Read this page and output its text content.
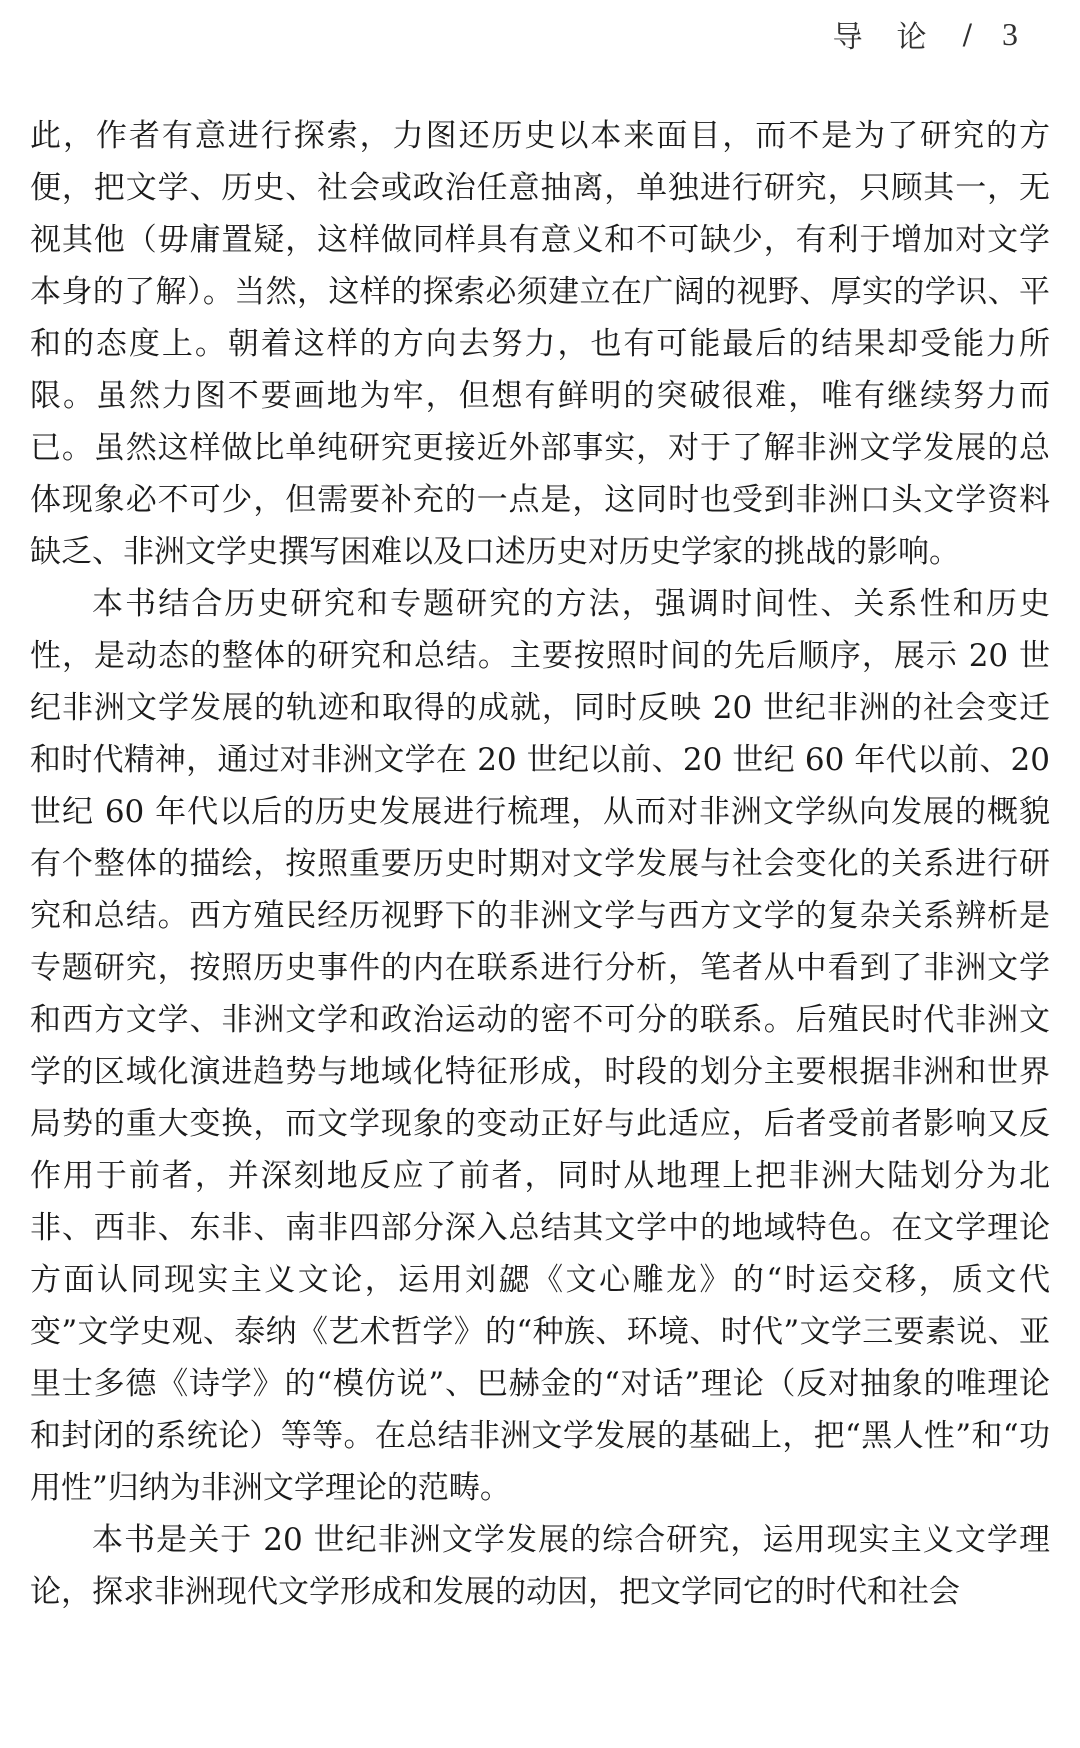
导论 / 3

此，作者有意进行探索，力图还历史以本来面目，而不是为了研究的方便，把文学、历史、社会或政治任意抽离，单独进行研究，只顾其一，无视其他（毋庸置疑，这样做同样具有意义和不可缺少，有利于增加对文学本身的了解）。当然，这样的探索必须建立在广阔的视野、厚实的学识、平和的态度上。朝着这样的方向去努力，也有可能最后的结果却受能力所限。虽然力图不要画地为牢，但想有鲜明的突破很难，唯有继续努力而已。虽然这样做比单纯研究更接近外部事实，对于了解非洲文学发展的总体现象必不可少，但需要补充的一点是，这同时也受到非洲口头文学资料缺乏、非洲文学史撰写困难以及口述历史对历史学家的挑战的影响。

本书结合历史研究和专题研究的方法，强调时间性、关系性和历史性，是动态的整体的研究和总结。主要按照时间的先后顺序，展示 20 世纪非洲文学发展的轨迹和取得的成就，同时反映 20 世纪非洲的社会变迁和时代精神，通过对非洲文学在 20 世纪以前、20 世纪 60 年代以前、20 世纪 60 年代以后的历史发展进行梳理，从而对非洲文学纵向发展的概貌有个整体的描绘，按照重要历史时期对文学发展与社会变化的关系进行研究和总结。西方殖民经历视野下的非洲文学与西方文学的复杂关系辨析是专题研究，按照历史事件的内在联系进行分析，笔者从中看到了非洲文学和西方文学、非洲文学和政治运动的密不可分的联系。后殖民时代非洲文学的区域化演进趋势与地域化特征形成，时段的划分主要根据非洲和世界局势的重大变换，而文学现象的变动正好与此适应，后者受前者影响又反作用于前者，并深刻地反应了前者，同时从地理上把非洲大陆划分为北非、西非、东非、南非四部分深入总结其文学中的地域特色。在文学理论方面认同现实主义文论，运用刘勰《文心雕龙》的“时运交移，质文代变”文学史观、泰纳《艺术哲学》的“种族、环境、时代”文学三要素说、亚里士多德《诗学》的“模仿说”、巴赫金的“对话”理论（反对抽象的唯理论和封闭的系统论）等等。在总结非洲文学发展的基础上，把“黑人性”和“功用性”归纳为非洲文学理论的范畴。

本书是关于 20 世纪非洲文学发展的综合研究，运用现实主义文学理论，探求非洲现代文学形成和发展的动因，把文学同它的时代和社会
